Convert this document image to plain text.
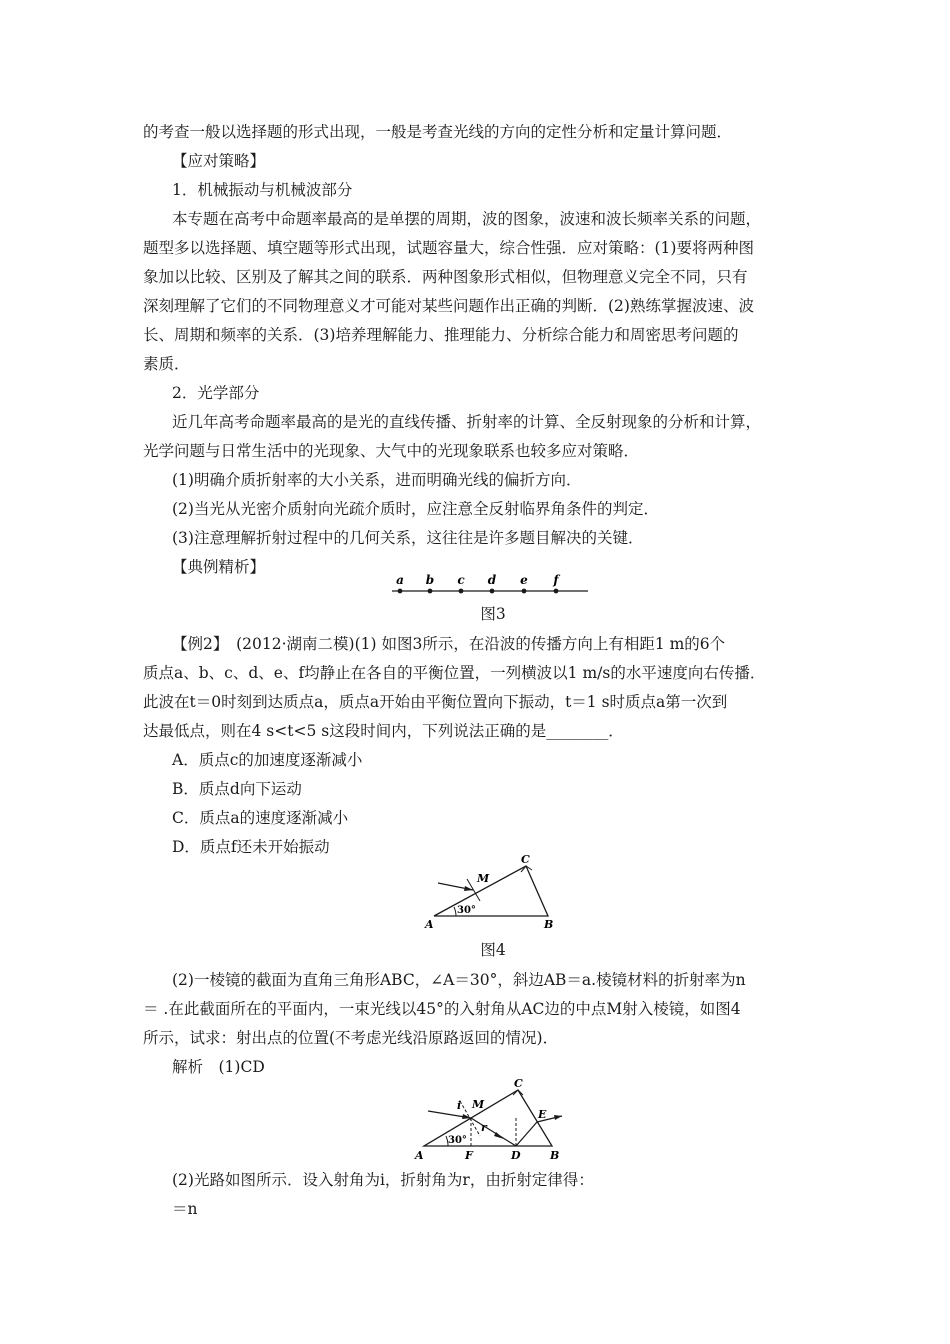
的考查一般以选择题的形式出现，一般是考查光线的方向的定性分析和定量计算问题．
【应对策略】
1．机械振动与机械波部分
本专题在高考中命题率最高的是单摆的周期，波的图象，波速和波长频率关系的问题，
题型多以选择题、填空题等形式出现，试题容量大，综合性强．应对策略：(1)要将两种图
象加以比较、区别及了解其之间的联系．两种图象形式相似，但物理意义完全不同，只有
深刻理解了它们的不同物理意义才可能对某些问题作出正确的判断．(2)熟练掌握波速、波
长、周期和频率的关系．(3)培养理解能力、推理能力、分析综合能力和周密思考问题的
素质．
2．光学部分
近几年高考命题率最高的是光的直线传播、折射率的计算、全反射现象的分析和计算，
光学问题与日常生活中的光现象、大气中的光现象联系也较多应对策略．
(1)明确介质折射率的大小关系，进而明确光线的偏折方向．
(2)当光从光密介质射向光疏介质时，应注意全反射临界角条件的判定．
(3)注意理解折射过程中的几何关系，这往往是许多题目解决的关键．
【典例精析】
a b c d e f
图3
【例2】　(2012·湖南二模)(1) 如图3所示，在沿波的传播方向上有相距1 m的6个
质点a、b、c、d、e、f均静止在各自的平衡位置，一列横波以1 m/s的水平速度向右传播．
此波在t＝0时刻到达质点a，质点a开始由平衡位置向下振动，t＝1 s时质点a第一次到
达最低点，则在4 s<t<5 s这段时间内，下列说法正确的是________．
A．质点c的加速度逐渐减小
B．质点d向下运动
C．质点a的速度逐渐减小
D．质点f还未开始振动
A	B
C
M
30°
图4
(2)一棱镜的截面为直角三角形ABC，∠A＝30°，斜边AB＝a.棱镜材料的折射率为n
＝ .在此截面所在的平面内，一束光线以45°的入射角从AC边的中点M射入棱镜，如图4
所示，试求：射出点的位置(不考虑光线沿原路返回的情况)．
解析　(1)CD
A	B
C
M
F	D
E
i
r
30°
(2)光路如图所示．设入射角为i，折射角为r，由折射定律得：
＝n
